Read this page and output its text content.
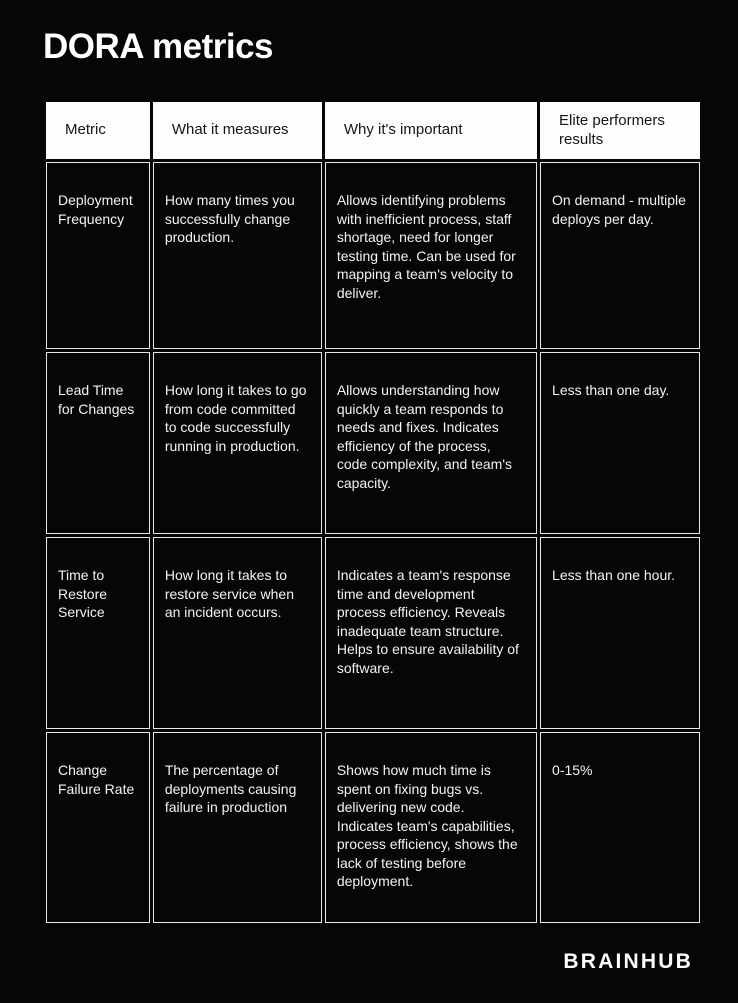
DORA metrics
Metric	What it measures	Why it's important	Elite performers results
Deployment Frequency	How many times you successfully change production.	Allows identifying problems with inefficient process, staff shortage, need for longer testing time. Can be used for mapping a team's velocity to deliver.	On demand - multiple deploys per day.
Lead Time for Changes	How long it takes to go from code committed to code successfully running in production.	Allows understanding how quickly a team responds to needs and fixes. Indicates efficiency of the process, code complexity, and team's capacity.	Less than one day.
Time to Restore Service	How long it takes to restore service when an incident occurs.	Indicates a team's response time and development process efficiency. Reveals inadequate team structure. Helps to ensure availability of software.	Less than one hour.
Change Failure Rate	The percentage of deployments causing failure in production	Shows how much time is spent on fixing bugs vs. delivering new code. Indicates team's capabilities, process efficiency, shows the lack of testing before deployment.	0-15%
BRAINHUB
